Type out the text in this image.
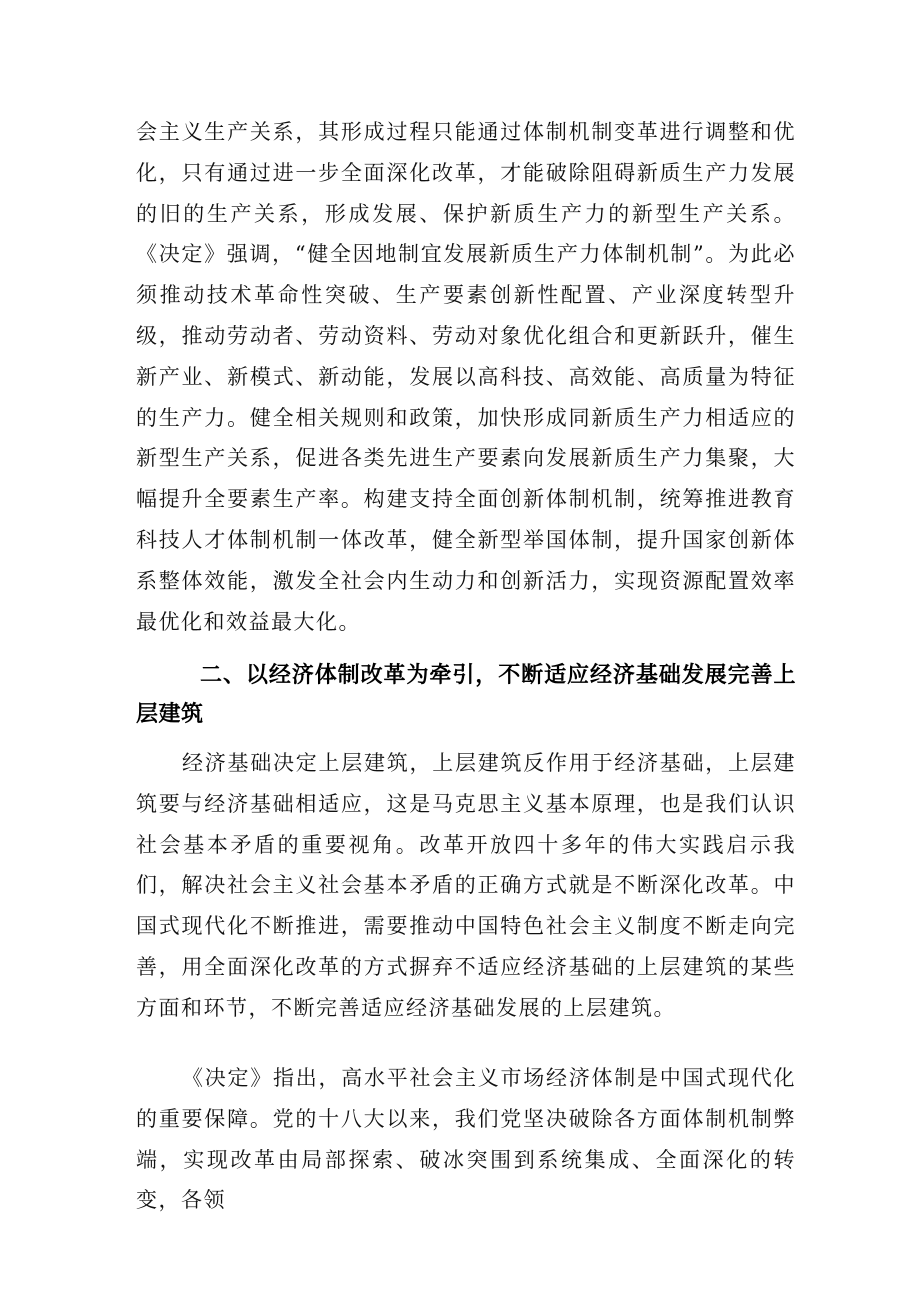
会主义生产关系，其形成过程只能通过体制机制变革进行调整和优化，只有通过进一步全面深化改革，才能破除阻碍新质生产力发展的旧的生产关系，形成发展、保护新质生产力的新型生产关系。《决定》强调，“健全因地制宜发展新质生产力体制机制”。为此必须推动技术革命性突破、生产要素创新性配置、产业深度转型升级，推动劳动者、劳动资料、劳动对象优化组合和更新跃升，催生新产业、新模式、新动能，发展以高科技、高效能、高质量为特征的生产力。健全相关规则和政策，加快形成同新质生产力相适应的新型生产关系，促进各类先进生产要素向发展新质生产力集聚，大幅提升全要素生产率。构建支持全面创新体制机制，统筹推进教育科技人才体制机制一体改革，健全新型举国体制，提升国家创新体系整体效能，激发全社会内生动力和创新活力，实现资源配置效率最优化和效益最大化。

二、以经济体制改革为牵引，不断适应经济基础发展完善上层建筑

经济基础决定上层建筑，上层建筑反作用于经济基础，上层建筑要与经济基础相适应，这是马克思主义基本原理，也是我们认识社会基本矛盾的重要视角。改革开放四十多年的伟大实践启示我们，解决社会主义社会基本矛盾的正确方式就是不断深化改革。中国式现代化不断推进，需要推动中国特色社会主义制度不断走向完善，用全面深化改革的方式摒弃不适应经济基础的上层建筑的某些方面和环节，不断完善适应经济基础发展的上层建筑。

《决定》指出，高水平社会主义市场经济体制是中国式现代化的重要保障。党的十八大以来，我们党坚决破除各方面体制机制弊端，实现改革由局部探索、破冰突围到系统集成、全面深化的转变，各领
